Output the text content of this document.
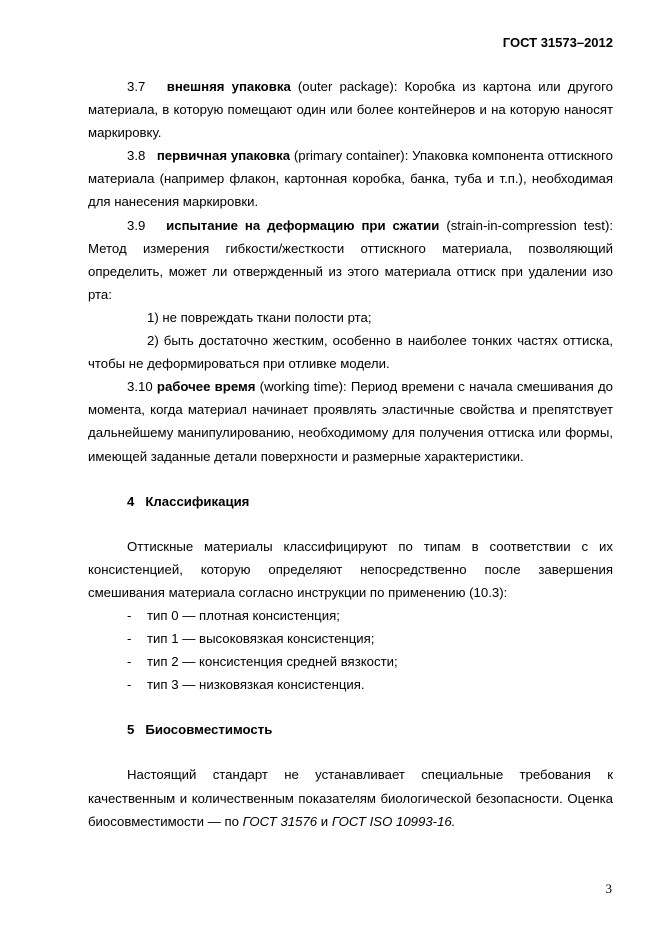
ГОСТ 31573–2012

3.7 внешняя упаковка (outer package): Коробка из картона или другого материала, в которую помещают один или более контейнеров и на которую наносят маркировку.

3.8 первичная упаковка (primary container): Упаковка компонента оттискного материала (например флакон, картонная коробка, банка, туба и т.п.), необходимая для нанесения маркировки.

3.9 испытание на деформацию при сжатии (strain-in-compression test): Метод измерения гибкости/жесткости оттискного материала, позволяющий определить, может ли отвержденный из этого материала оттиск при удалении изо рта:

1) не повреждать ткани полости рта;

2) быть достаточно жестким, особенно в наиболее тонких частях оттиска, чтобы не деформироваться при отливке модели.

3.10 рабочее время (working time): Период времени с начала смешивания до момента, когда материал начинает проявлять эластичные свойства и препятствует дальнейшему манипулированию, необходимому для получения оттиска или формы, имеющей заданные детали поверхности и размерные характеристики.

4 Классификация

Оттискные материалы классифицируют по типам в соответствии с их консистенцией, которую определяют непосредственно после завершения смешивания материала согласно инструкции по применению (10.3):

- тип 0 — плотная консистенция;
- тип 1 — высоковязкая консистенция;
- тип 2 — консистенция средней вязкости;
- тип 3 — низковязкая консистенция.

5 Биосовместимость

Настоящий стандарт не устанавливает специальные требования к качественным и количественным показателям биологической безопасности. Оценка биосовместимости — по ГОСТ 31576 и ГОСТ ISO 10993-16.

3
